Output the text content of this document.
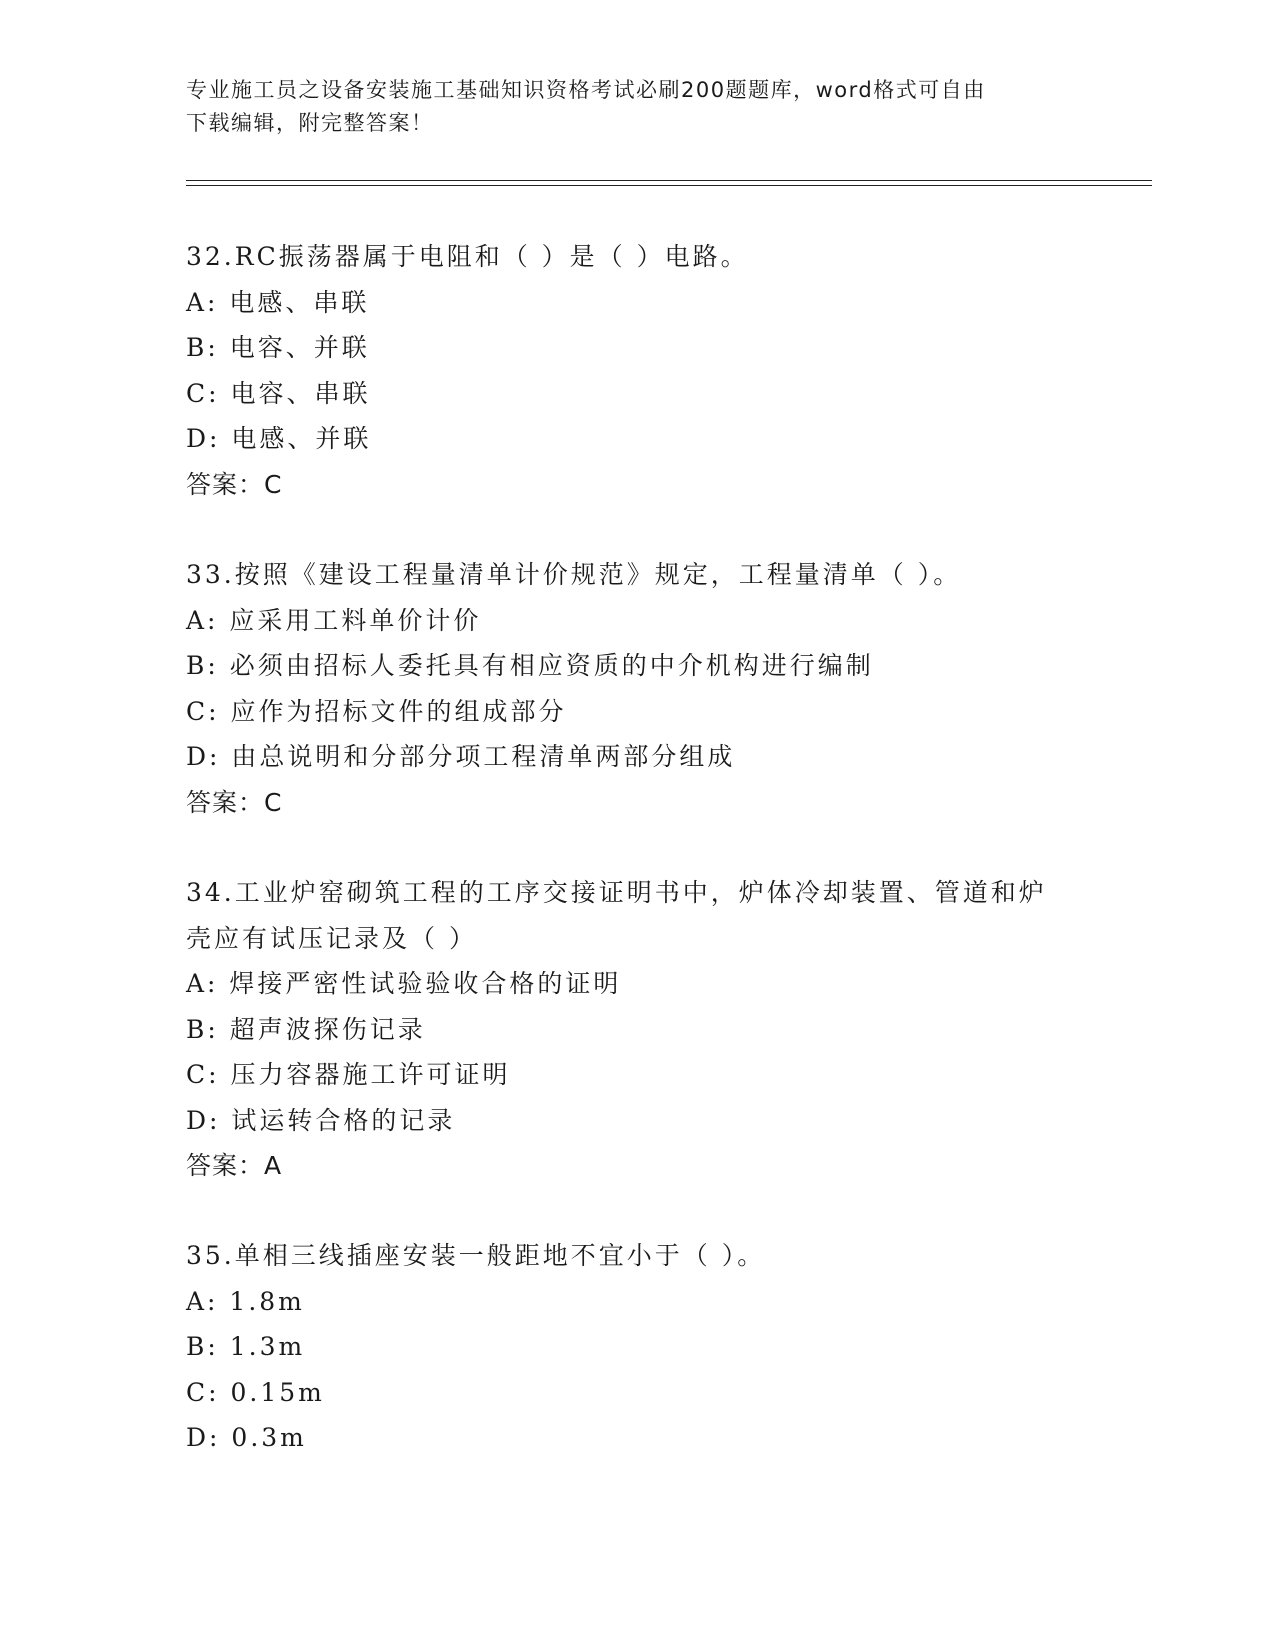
专业施工员之设备安装施工基础知识资格考试必刷200题题库，word格式可自由
下载编辑，附完整答案！
32.RC振荡器属于电阻和（ ）是（ ）电路。
A: 电感、串联
B: 电容、并联
C: 电容、串联
D: 电感、并联
答案：C
33.按照《建设工程量清单计价规范》规定，工程量清单（ ）。
A: 应采用工料单价计价
B: 必须由招标人委托具有相应资质的中介机构进行编制
C: 应作为招标文件的组成部分
D: 由总说明和分部分项工程清单两部分组成
答案：C
34.工业炉窑砌筑工程的工序交接证明书中，炉体冷却装置、管道和炉
壳应有试压记录及（ ）
A: 焊接严密性试验验收合格的证明
B: 超声波探伤记录
C: 压力容器施工许可证明
D: 试运转合格的记录
答案：A
35.单相三线插座安装一般距地不宜小于（ ）。
A: 1.8m
B: 1.3m
C: 0.15m
D: 0.3m
